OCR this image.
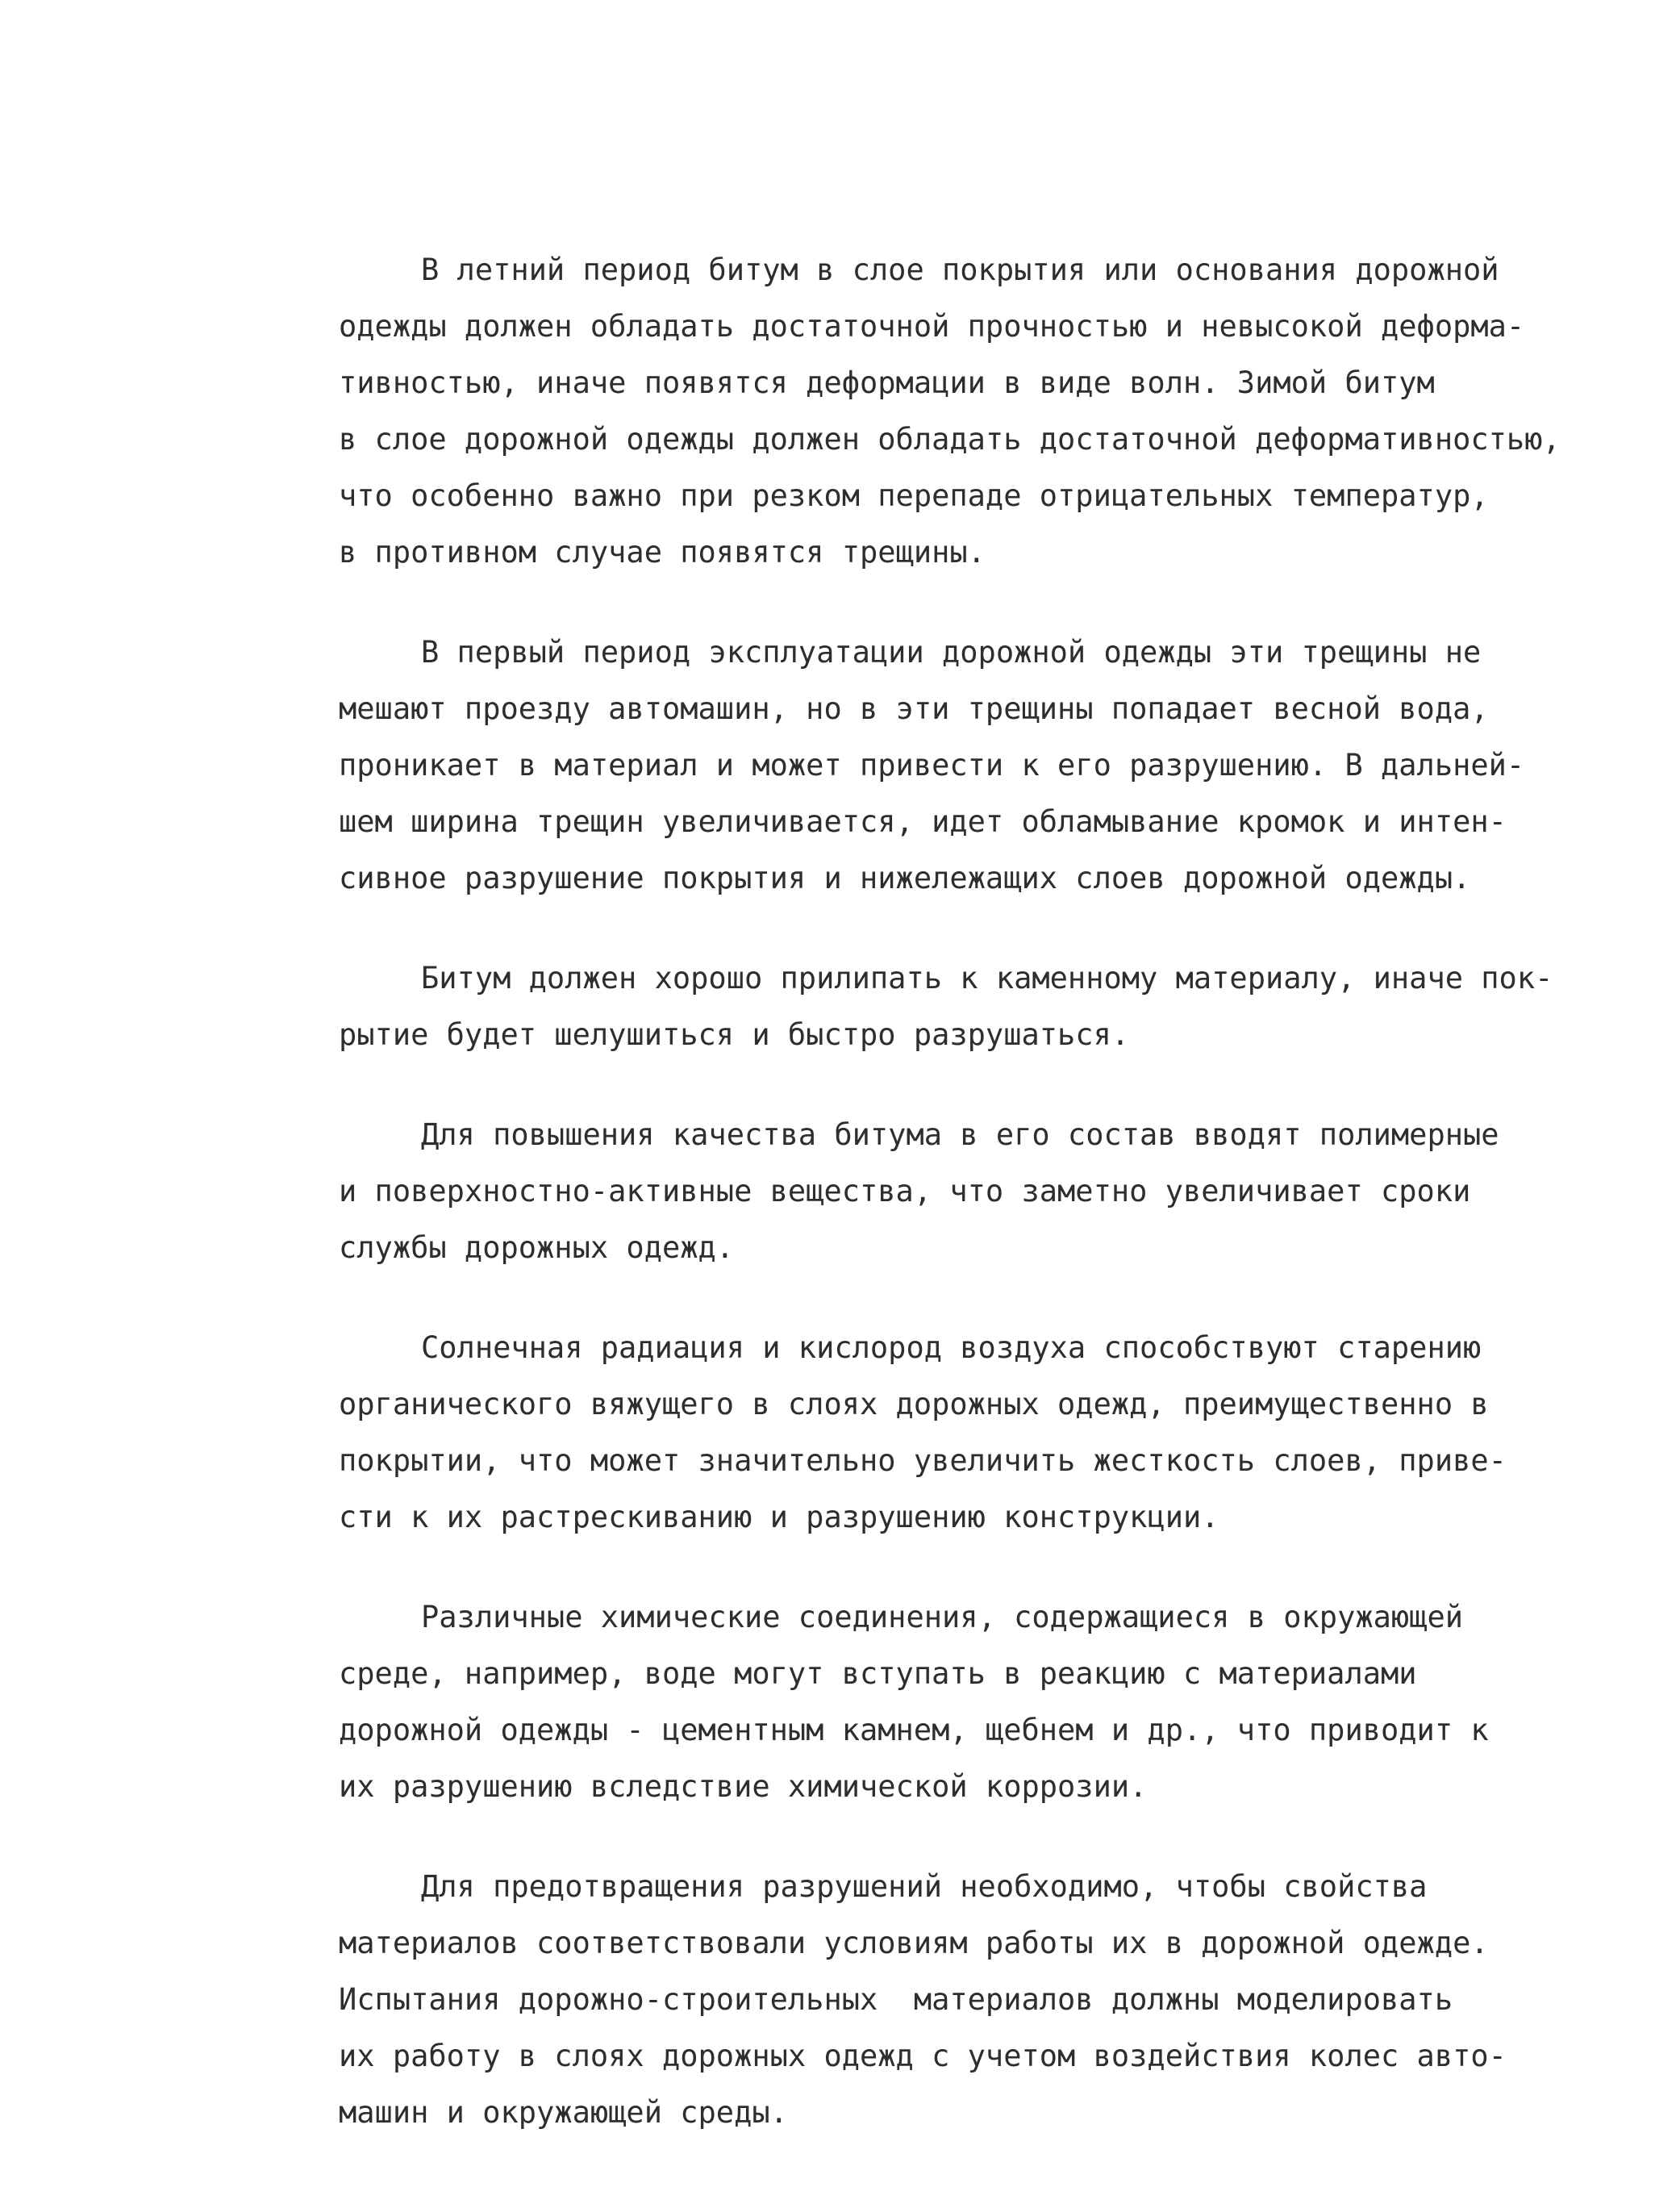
В летний период битум в слое покрытия или основания дорожной
одежды должен обладать достаточной прочностью и невысокой деформа-
тивностью, иначе появятся деформации в виде волн. Зимой битум
в слое дорожной одежды должен обладать достаточной деформативностью,
что особенно важно при резком перепаде отрицательных температур,
в противном случае появятся трещины.
В первый период эксплуатации дорожной одежды эти трещины не
мешают проезду автомашин, но в эти трещины попадает весной вода,
проникает в материал и может привести к его разрушению. В дальней-
шем ширина трещин увеличивается, идет обламывание кромок и интен-
сивное разрушение покрытия и нижележащих слоев дорожной одежды.
Битум должен хорошо прилипать к каменному материалу, иначе пок-
рытие будет шелушиться и быстро разрушаться.
Для повышения качества битума в его состав вводят полимерные
и поверхностно-активные вещества, что заметно увеличивает сроки
службы дорожных одежд.
Солнечная радиация и кислород воздуха способствуют старению
органического вяжущего в слоях дорожных одежд, преимущественно в
покрытии, что может значительно увеличить жесткость слоев, приве-
сти к их растрескиванию и разрушению конструкции.
Различные химические соединения, содержащиеся в окружающей
среде, например, воде могут вступать в реакцию с материалами
дорожной одежды - цементным камнем, щебнем и др., что приводит к
их разрушению вследствие химической коррозии.
Для предотвращения разрушений необходимо, чтобы свойства
материалов соответствовали условиям работы их в дорожной одежде.
Испытания дорожно-строительных  материалов должны моделировать
их работу в слоях дорожных одежд с учетом воздействия колес авто-
машин и окружающей среды.
